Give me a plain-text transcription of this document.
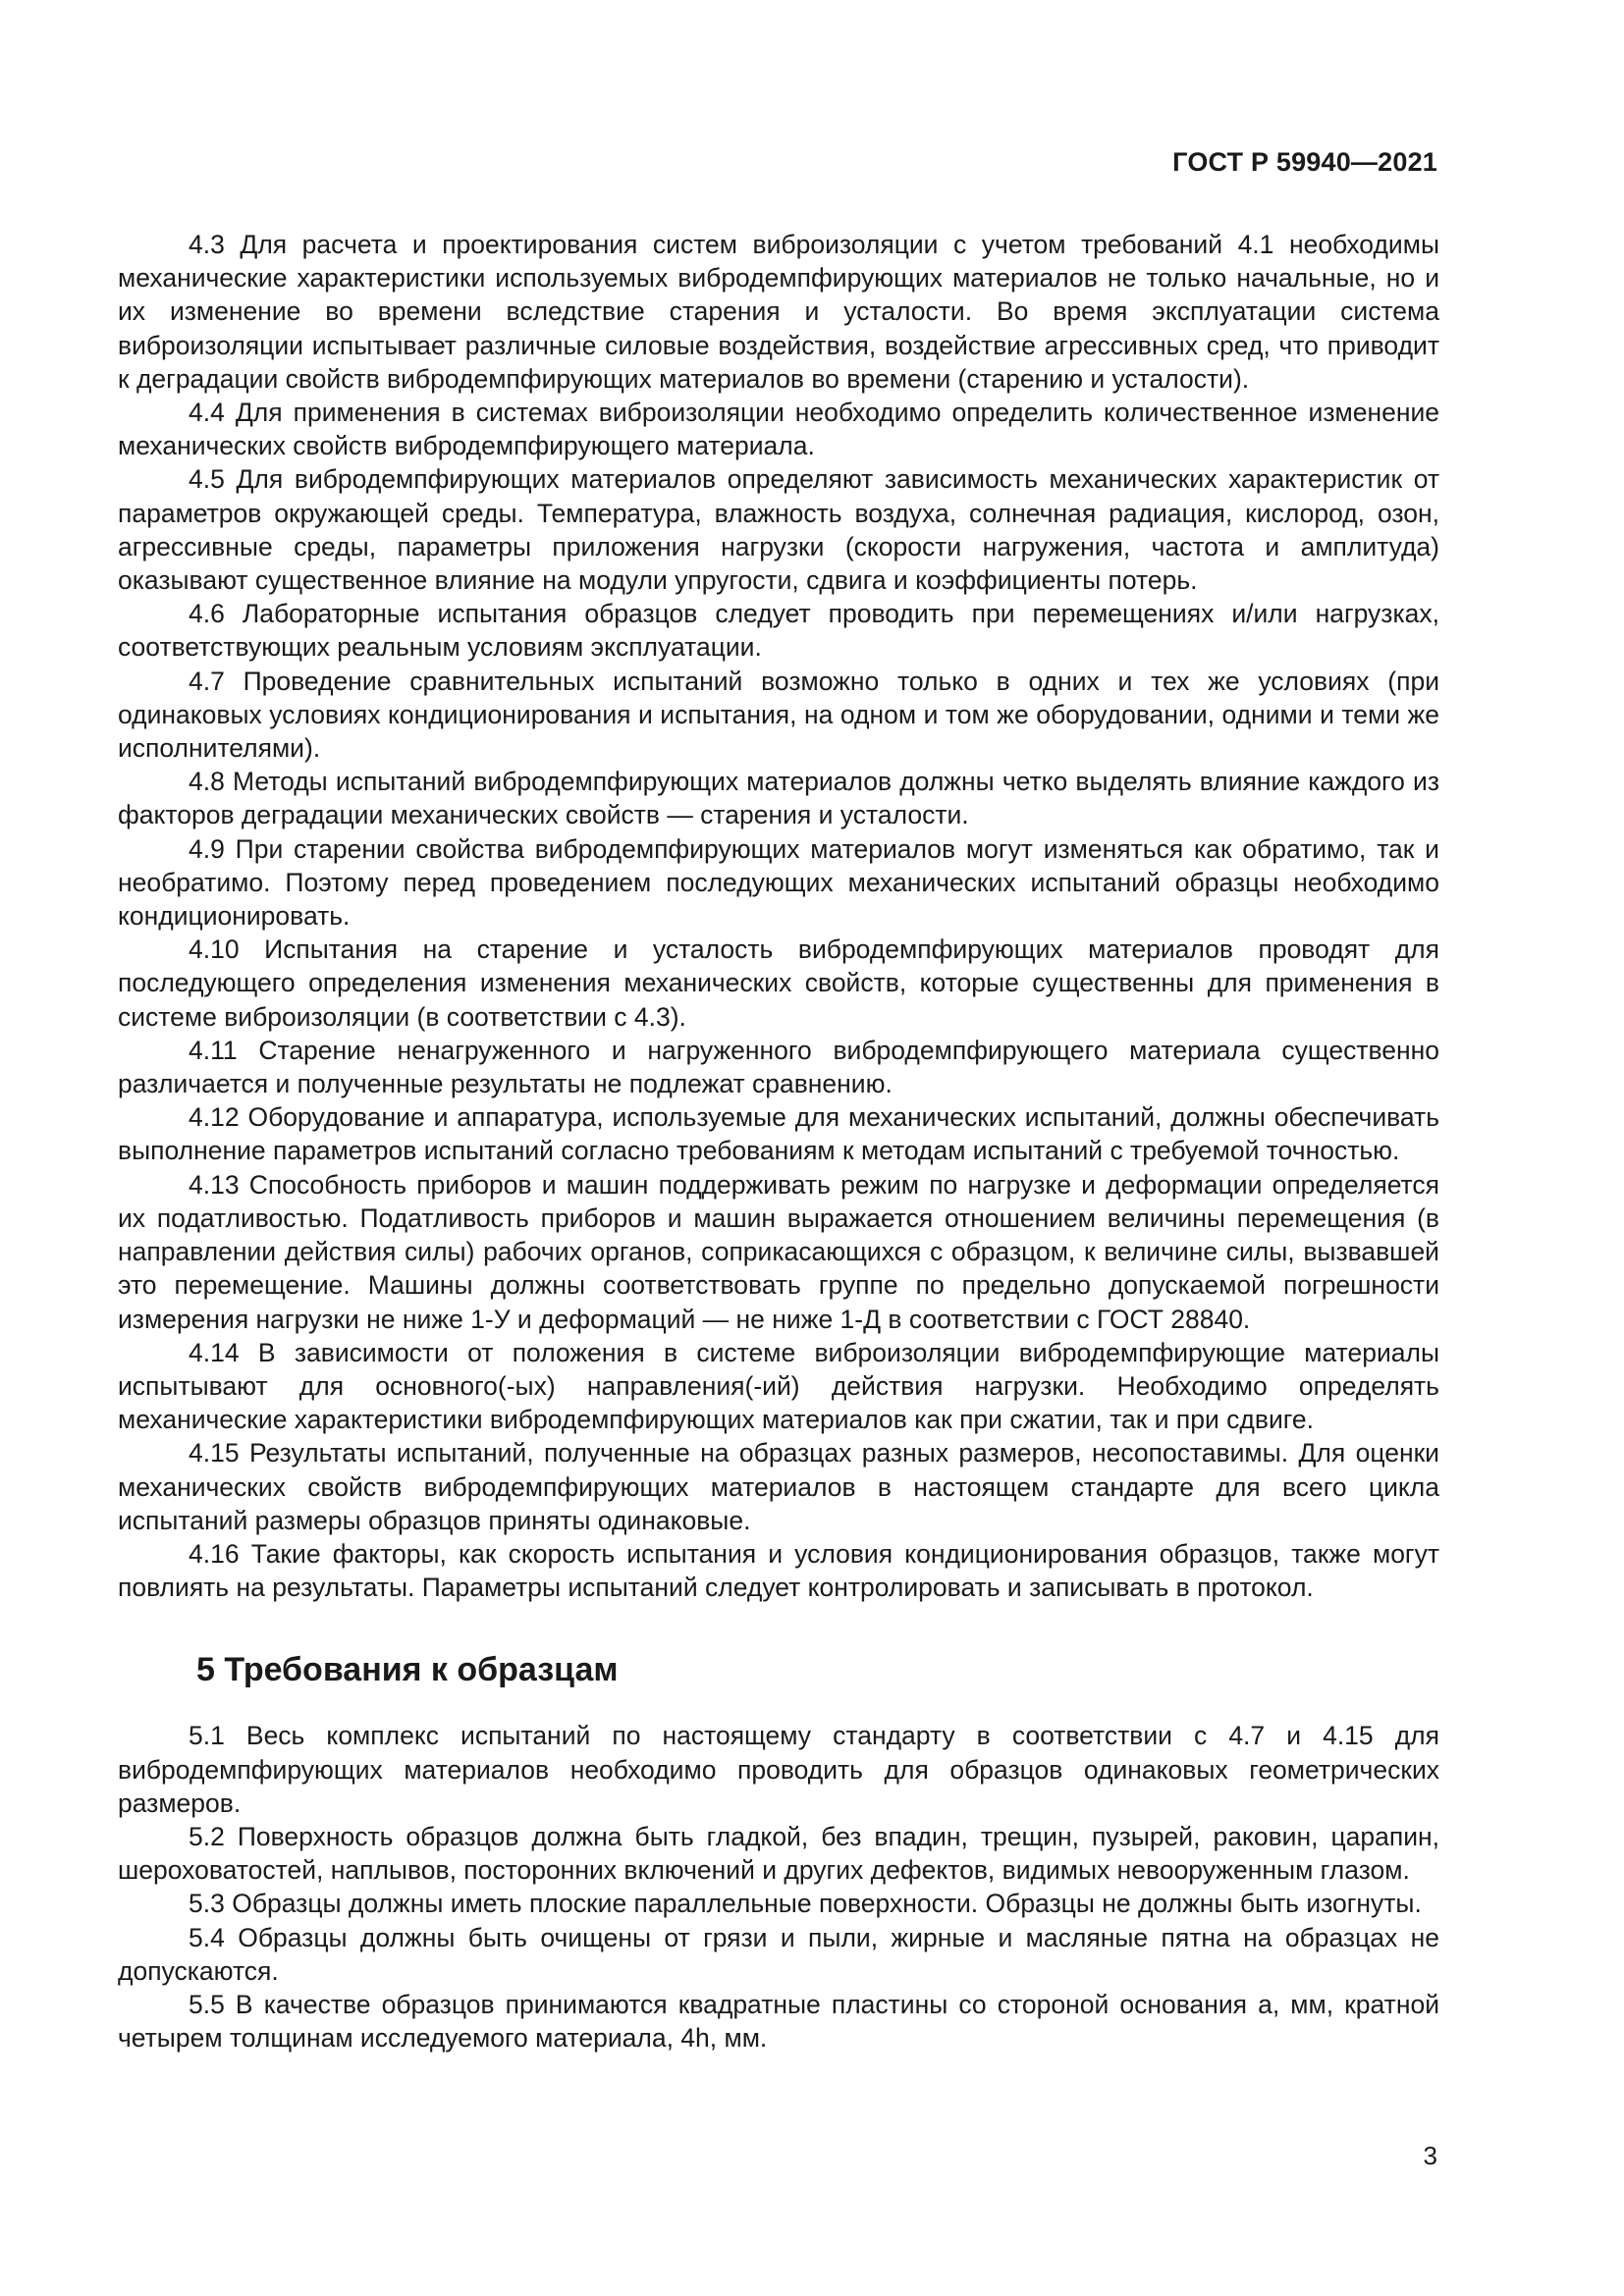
ГОСТ Р 59940—2021

4.3 Для расчета и проектирования систем виброизоляции с учетом требований 4.1 необходимы механические характеристики используемых вибродемпфирующих материалов не только начальные, но и их изменение во времени вследствие старения и усталости. Во время эксплуатации система виброизоляции испытывает различные силовые воздействия, воздействие агрессивных сред, что приводит к деградации свойств вибродемпфирующих материалов во времени (старению и усталости).

4.4 Для применения в системах виброизоляции необходимо определить количественное изменение механических свойств вибродемпфирующего материала.

4.5 Для вибродемпфирующих материалов определяют зависимость механических характеристик от параметров окружающей среды. Температура, влажность воздуха, солнечная радиация, кислород, озон, агрессивные среды, параметры приложения нагрузки (скорости нагружения, частота и амплитуда) оказывают существенное влияние на модули упругости, сдвига и коэффициенты потерь.

4.6 Лабораторные испытания образцов следует проводить при перемещениях и/или нагрузках, соответствующих реальным условиям эксплуатации.

4.7 Проведение сравнительных испытаний возможно только в одних и тех же условиях (при одинаковых условиях кондиционирования и испытания, на одном и том же оборудовании, одними и теми же исполнителями).

4.8 Методы испытаний вибродемпфирующих материалов должны четко выделять влияние каждого из факторов деградации механических свойств — старения и усталости.

4.9 При старении свойства вибродемпфирующих материалов могут изменяться как обратимо, так и необратимо. Поэтому перед проведением последующих механических испытаний образцы необходимо кондиционировать.

4.10 Испытания на старение и усталость вибродемпфирующих материалов проводят для последующего определения изменения механических свойств, которые существенны для применения в системе виброизоляции (в соответствии с 4.3).

4.11 Старение ненагруженного и нагруженного вибродемпфирующего материала существенно различается и полученные результаты не подлежат сравнению.

4.12 Оборудование и аппаратура, используемые для механических испытаний, должны обеспечивать выполнение параметров испытаний согласно требованиям к методам испытаний с требуемой точностью.

4.13 Способность приборов и машин поддерживать режим по нагрузке и деформации определяется их податливостью. Податливость приборов и машин выражается отношением величины перемещения (в направлении действия силы) рабочих органов, соприкасающихся с образцом, к величине силы, вызвавшей это перемещение. Машины должны соответствовать группе по предельно допускаемой погрешности измерения нагрузки не ниже 1-У и деформаций — не ниже 1-Д в соответствии с ГОСТ 28840.

4.14 В зависимости от положения в системе виброизоляции вибродемпфирующие материалы испытывают для основного(-ых) направления(-ий) действия нагрузки. Необходимо определять механические характеристики вибродемпфирующих материалов как при сжатии, так и при сдвиге.

4.15 Результаты испытаний, полученные на образцах разных размеров, несопоставимы. Для оценки механических свойств вибродемпфирующих материалов в настоящем стандарте для всего цикла испытаний размеры образцов приняты одинаковые.

4.16 Такие факторы, как скорость испытания и условия кондиционирования образцов, также могут повлиять на результаты. Параметры испытаний следует контролировать и записывать в протокол.

5 Требования к образцам

5.1 Весь комплекс испытаний по настоящему стандарту в соответствии с 4.7 и 4.15 для вибродемпфирующих материалов необходимо проводить для образцов одинаковых геометрических размеров.

5.2 Поверхность образцов должна быть гладкой, без впадин, трещин, пузырей, раковин, царапин, шероховатостей, наплывов, посторонних включений и других дефектов, видимых невооруженным глазом.

5.3 Образцы должны иметь плоские параллельные поверхности. Образцы не должны быть изогнуты.

5.4 Образцы должны быть очищены от грязи и пыли, жирные и масляные пятна на образцах не допускаются.

5.5 В качестве образцов принимаются квадратные пластины со стороной основания а, мм, кратной четырем толщинам исследуемого материала, 4h, мм.

3
